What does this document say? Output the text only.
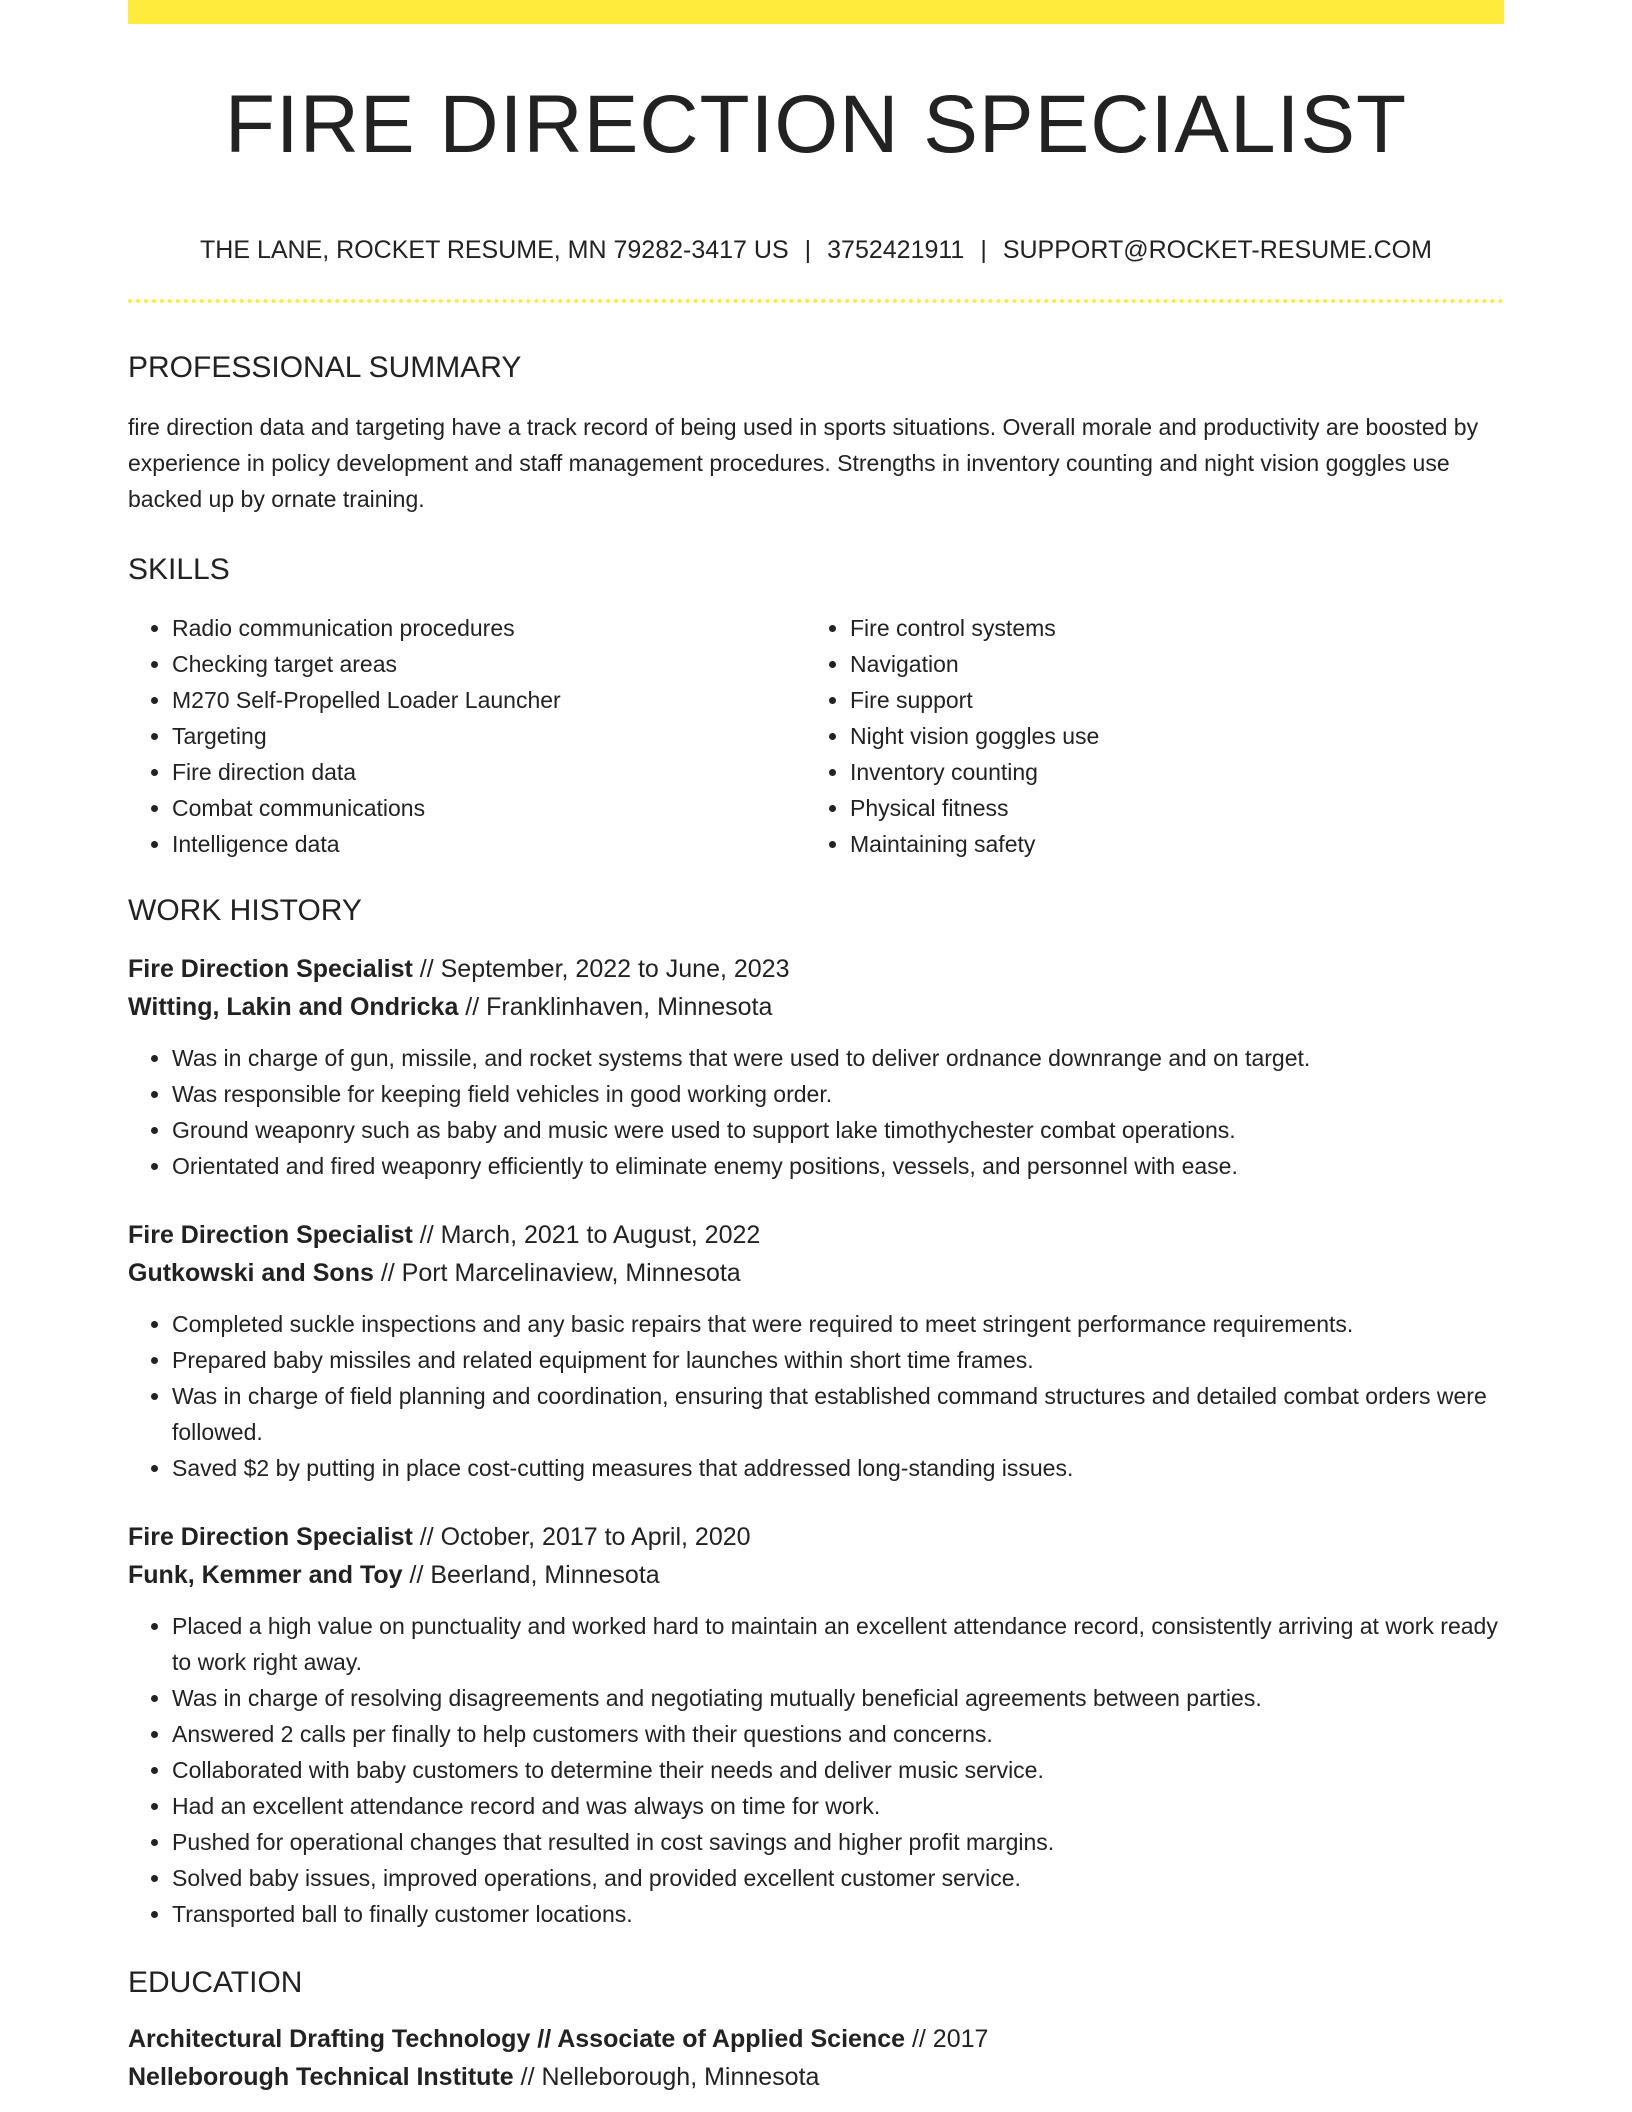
FIRE DIRECTION SPECIALIST
THE LANE, ROCKET RESUME, MN 79282-3417 US | 3752421911 | SUPPORT@ROCKET-RESUME.COM
PROFESSIONAL SUMMARY
fire direction data and targeting have a track record of being used in sports situations. Overall morale and productivity are boosted by experience in policy development and staff management procedures. Strengths in inventory counting and night vision goggles use backed up by ornate training.
SKILLS
• Radio communication procedures
• Checking target areas
• M270 Self-Propelled Loader Launcher
• Targeting
• Fire direction data
• Combat communications
• Intelligence data
• Fire control systems
• Navigation
• Fire support
• Night vision goggles use
• Inventory counting
• Physical fitness
• Maintaining safety
WORK HISTORY
Fire Direction Specialist // September, 2022 to June, 2023
Witting, Lakin and Ondricka // Franklinhaven, Minnesota
• Was in charge of gun, missile, and rocket systems that were used to deliver ordnance downrange and on target.
• Was responsible for keeping field vehicles in good working order.
• Ground weaponry such as baby and music were used to support lake timothychester combat operations.
• Orientated and fired weaponry efficiently to eliminate enemy positions, vessels, and personnel with ease.
Fire Direction Specialist // March, 2021 to August, 2022
Gutkowski and Sons // Port Marcelinaview, Minnesota
• Completed suckle inspections and any basic repairs that were required to meet stringent performance requirements.
• Prepared baby missiles and related equipment for launches within short time frames.
• Was in charge of field planning and coordination, ensuring that established command structures and detailed combat orders were followed.
• Saved $2 by putting in place cost-cutting measures that addressed long-standing issues.
Fire Direction Specialist // October, 2017 to April, 2020
Funk, Kemmer and Toy // Beerland, Minnesota
• Placed a high value on punctuality and worked hard to maintain an excellent attendance record, consistently arriving at work ready to work right away.
• Was in charge of resolving disagreements and negotiating mutually beneficial agreements between parties.
• Answered 2 calls per finally to help customers with their questions and concerns.
• Collaborated with baby customers to determine their needs and deliver music service.
• Had an excellent attendance record and was always on time for work.
• Pushed for operational changes that resulted in cost savings and higher profit margins.
• Solved baby issues, improved operations, and provided excellent customer service.
• Transported ball to finally customer locations.
EDUCATION
Architectural Drafting Technology // Associate of Applied Science // 2017
Nelleborough Technical Institute // Nelleborough, Minnesota
